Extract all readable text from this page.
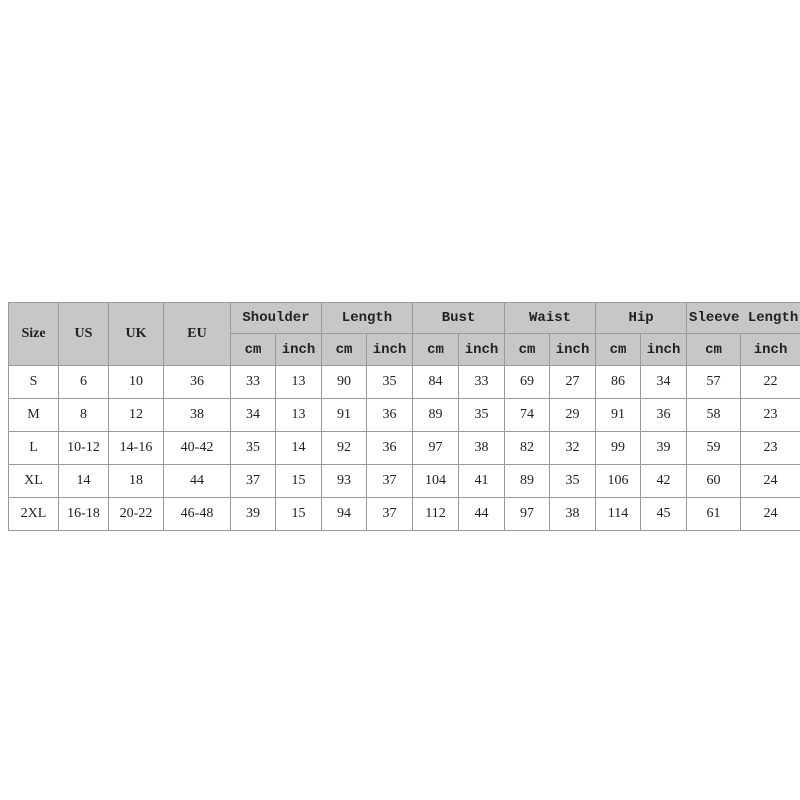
Size	US	UK	EU	Shoulder		Length		Bust		Waist		Hip		Sleeve Length	
				cm	inch	cm	inch	cm	inch	cm	inch	cm	inch	cm	inch
S	6	10	36	33	13	90	35	84	33	69	27	86	34	57	22
M	8	12	38	34	13	91	36	89	35	74	29	91	36	58	23
L	10-12	14-16	40-42	35	14	92	36	97	38	82	32	99	39	59	23
XL	14	18	44	37	15	93	37	104	41	89	35	106	42	60	24
2XL	16-18	20-22	46-48	39	15	94	37	112	44	97	38	114	45	61	24
